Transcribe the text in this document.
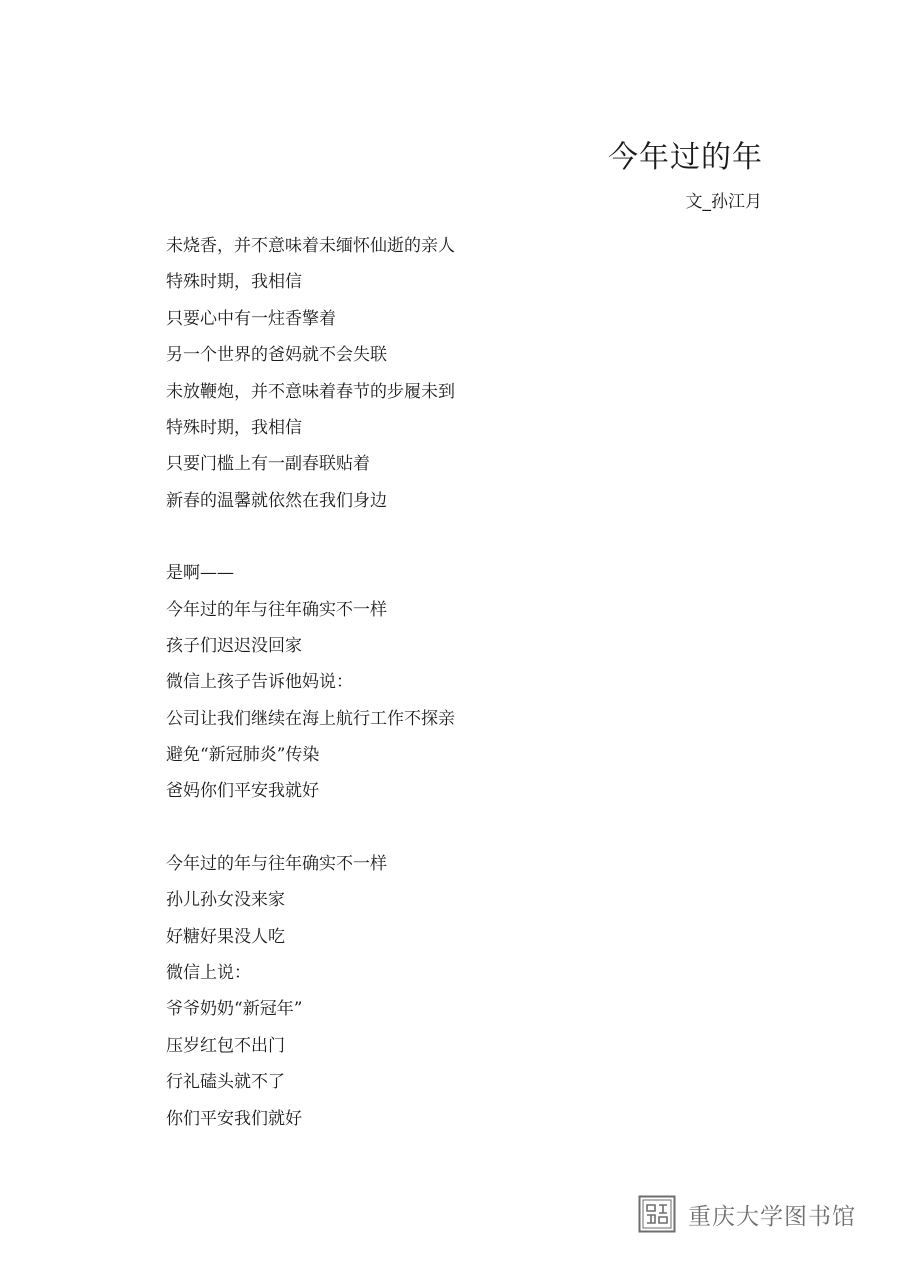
今年过的年
文_孙江月
未烧香，并不意味着未缅怀仙逝的亲人
特殊时期，我相信
只要心中有一炷香擎着
另一个世界的爸妈就不会失联
未放鞭炮，并不意味着春节的步履未到
特殊时期，我相信
只要门槛上有一副春联贴着
新春的温馨就依然在我们身边
是啊——
今年过的年与往年确实不一样
孩子们迟迟没回家
微信上孩子告诉他妈说：
公司让我们继续在海上航行工作不探亲
避免“新冠肺炎”传染
爸妈你们平安我就好
今年过的年与往年确实不一样
孙儿孙女没来家
好糖好果没人吃
微信上说：
爷爷奶奶“新冠年”
压岁红包不出门
行礼磕头就不了
你们平安我们就好
重庆大学图书馆
